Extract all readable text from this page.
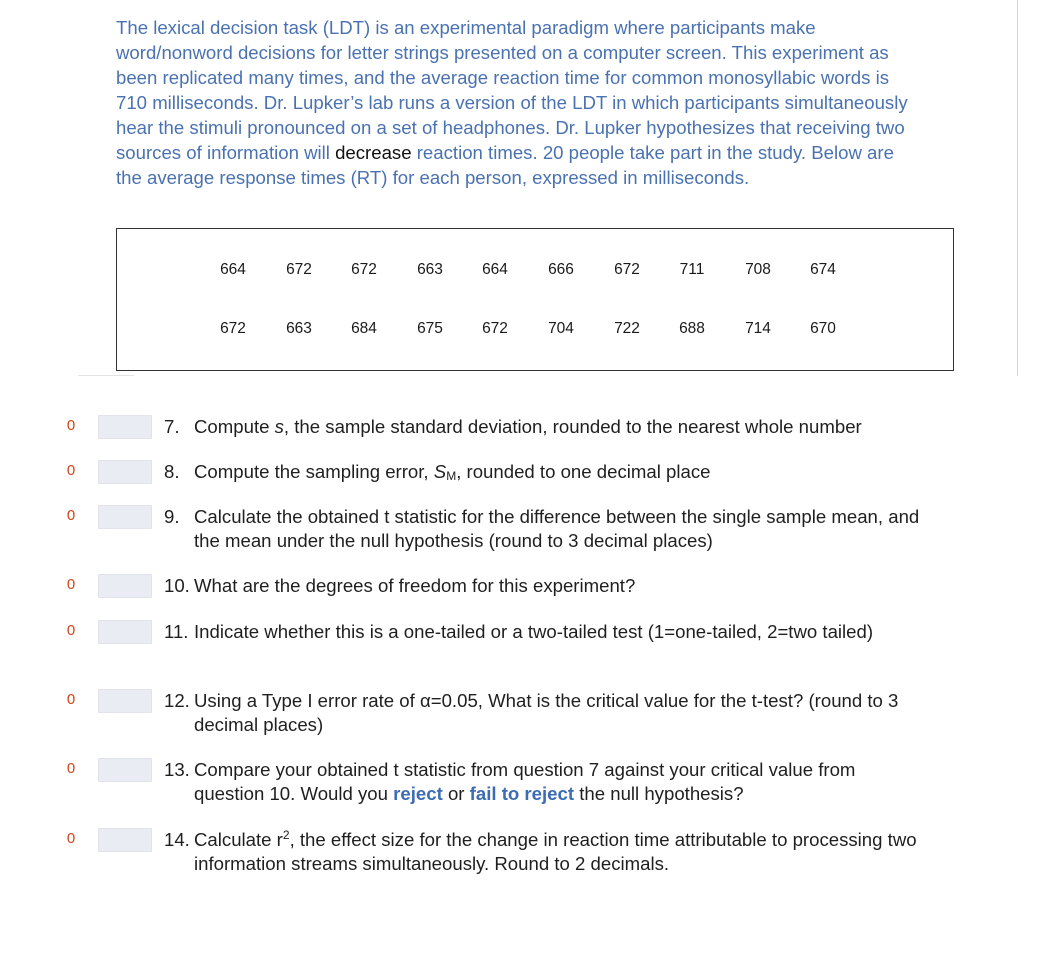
The lexical decision task (LDT) is an experimental paradigm where participants make word/nonword decisions for letter strings presented on a computer screen. This experiment as been replicated many times, and the average reaction time for common monosyllabic words is 710 milliseconds. Dr. Lupker’s lab runs a version of the LDT in which participants simultaneously hear the stimuli pronounced on a set of headphones. Dr. Lupker hypothesizes that receiving two sources of information will decrease reaction times. 20 people take part in the study. Below are the average response times (RT) for each person, expressed in milliseconds.
664	672	672	663	664	666	672	711	708	674
672	663	684	675	672	704	722	688	714	670
0	7. Compute s, the sample standard deviation, rounded to the nearest whole number
0	8. Compute the sampling error, $S_M$, rounded to one decimal place
0	9. Calculate the obtained t statistic for the difference between the single sample mean, and the mean under the null hypothesis (round to 3 decimal places)
0	10. What are the degrees of freedom for this experiment?
0	11. Indicate whether this is a one-tailed or a two-tailed test (1=one-tailed, 2=two tailed)
0	12. Using a Type I error rate of α=0.05, What is the critical value for the t-test? (round to 3 decimal places)
0	13. Compare your obtained t statistic from question 7 against your critical value from question 10. Would you reject or fail to reject the null hypothesis?
0	14. Calculate $r^2$, the effect size for the change in reaction time attributable to processing two information streams simultaneously. Round to 2 decimals.
